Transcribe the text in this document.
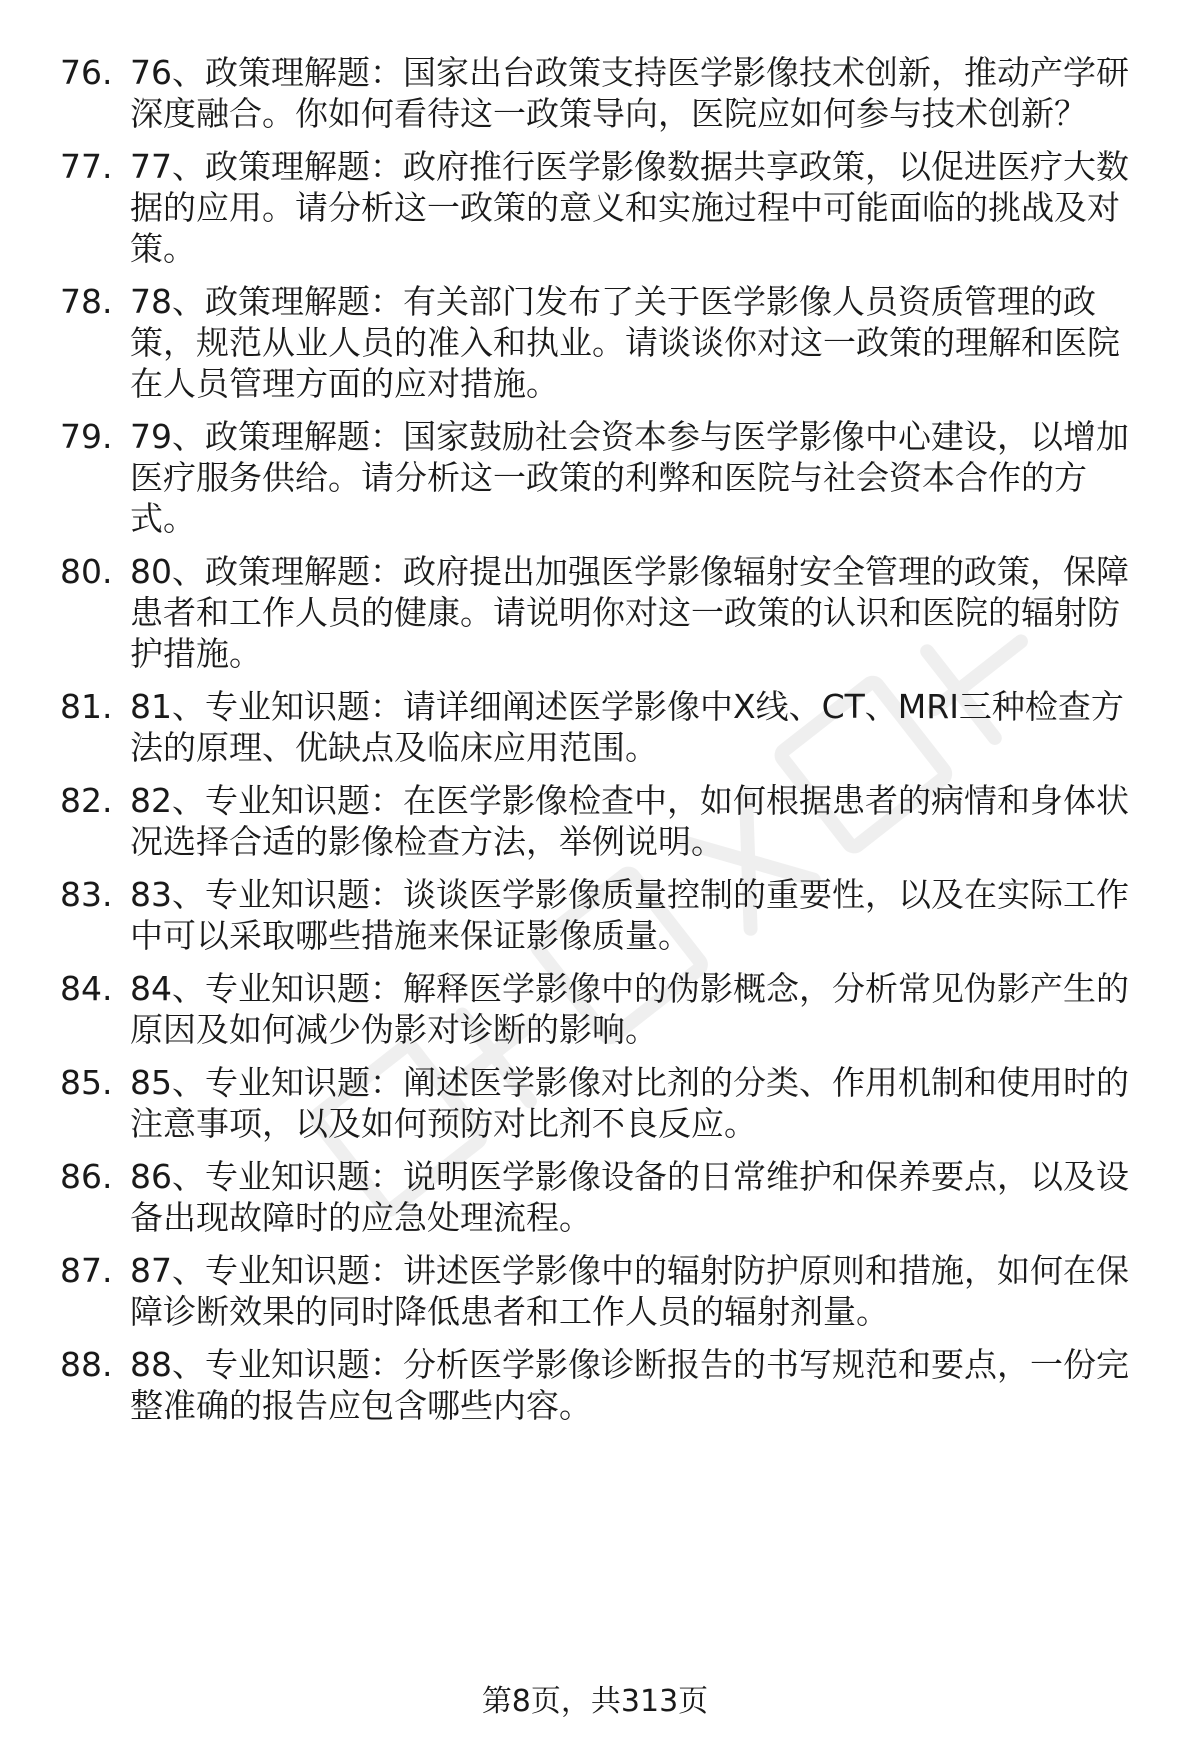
76. 76、政策理解题：国家出台政策支持医学影像技术创新，推动产学研深度融合。你如何看待这一政策导向，医院应如何参与技术创新？
77. 77、政策理解题：政府推行医学影像数据共享政策，以促进医疗大数据的应用。请分析这一政策的意义和实施过程中可能面临的挑战及对策。
78. 78、政策理解题：有关部门发布了关于医学影像人员资质管理的政策，规范从业人员的准入和执业。请谈谈你对这一政策的理解和医院在人员管理方面的应对措施。
79. 79、政策理解题：国家鼓励社会资本参与医学影像中心建设，以增加医疗服务供给。请分析这一政策的利弊和医院与社会资本合作的方式。
80. 80、政策理解题：政府提出加强医学影像辐射安全管理的政策，保障患者和工作人员的健康。请说明你对这一政策的认识和医院的辐射防护措施。
81. 81、专业知识题：请详细阐述医学影像中X线、CT、MRI三种检查方法的原理、优缺点及临床应用范围。
82. 82、专业知识题：在医学影像检查中，如何根据患者的病情和身体状况选择合适的影像检查方法，举例说明。
83. 83、专业知识题：谈谈医学影像质量控制的重要性，以及在实际工作中可以采取哪些措施来保证影像质量。
84. 84、专业知识题：解释医学影像中的伪影概念，分析常见伪影产生的原因及如何减少伪影对诊断的影响。
85. 85、专业知识题：阐述医学影像对比剂的分类、作用机制和使用时的注意事项，以及如何预防对比剂不良反应。
86. 86、专业知识题：说明医学影像设备的日常维护和保养要点，以及设备出现故障时的应急处理流程。
87. 87、专业知识题：讲述医学影像中的辐射防护原则和措施，如何在保障诊断效果的同时降低患者和工作人员的辐射剂量。
88. 88、专业知识题：分析医学影像诊断报告的书写规范和要点，一份完整准确的报告应包含哪些内容。
第8页，共313页
